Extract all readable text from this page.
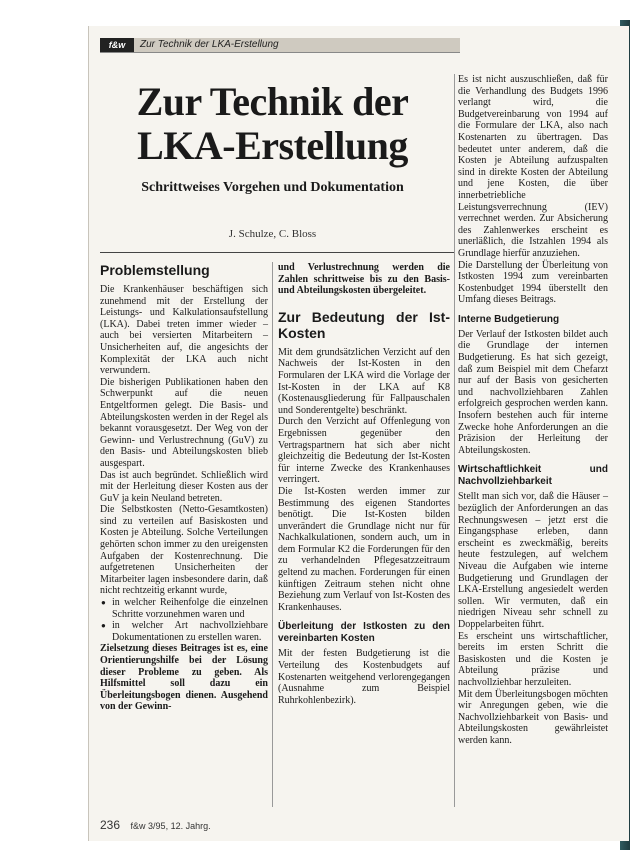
f&w	Zur Technik der LKA-Erstellung
Zur Technik der
LKA-Erstellung
Schrittweises Vorgehen und Dokumentation
J. Schulze, C. Bloss
Problemstellung

Die Krankenhäuser beschäftigen sich zunehmend mit der Erstellung der Leistungs- und Kalkulationsaufstellung (LKA). Dabei treten immer wieder – auch bei versierten Mitarbeitern – Unsicherheiten auf, die angesichts der Komplexität der LKA auch nicht verwundern.

Die bisherigen Publikationen haben den Schwerpunkt auf die neuen Entgeltformen gelegt. Die Basis- und Abteilungskosten werden in der Regel als bekannt vorausgesetzt. Der Weg von der Gewinn- und Verlustrechnung (GuV) zu den Basis- und Abteilungskosten blieb ausgespart.

Das ist auch begründet. Schließlich wird mit der Herleitung dieser Kosten aus der GuV ja kein Neuland betreten.

Die Selbstkosten (Netto-Gesamtkosten) sind zu verteilen auf Basiskosten und Kosten je Abteilung. Solche Verteilungen gehörten schon immer zu den ureigensten Aufgaben der Kostenrechnung. Die aufgetretenen Unsicherheiten der Mitarbeiter lagen insbesondere darin, daß nicht rechtzeitig erkannt wurde,

● in welcher Reihenfolge die einzelnen Schritte vorzunehmen waren und
● in welcher Art nachvollziehbare Dokumentationen zu erstellen waren.

Zielsetzung dieses Beitrages ist es, eine Orientierungshilfe bei der Lösung dieser Probleme zu geben. Als Hilfsmittel soll dazu ein Überleitungsbogen dienen. Ausgehend von der Gewinn-

und Verlustrechnung werden die Zahlen schrittweise bis zu den Basis- und Abteilungskosten übergeleitet.

Zur Bedeutung der Ist-Kosten

Mit dem grundsätzlichen Verzicht auf den Nachweis der Ist-Kosten in den Formularen der LKA wird die Vorlage der Ist-Kosten in der LKA auf K8 (Kostenausgliederung für Fallpauschalen und Sonderentgelte) beschränkt.

Durch den Verzicht auf Offenlegung von Ergebnissen gegenüber den Vertragspartnern hat sich aber nicht gleichzeitig die Bedeutung der Ist-Kosten für interne Zwecke des Krankenhauses verringert.

Die Ist-Kosten werden immer zur Bestimmung des eigenen Standortes benötigt. Die Ist-Kosten bilden unverändert die Grundlage nicht nur für Nachkalkulationen, sondern auch, um in dem Formular K2 die Forderungen für den zu verhandelnden Pflegesatzzeitraum geltend zu machen. Forderungen für einen künftigen Zeitraum stehen nicht ohne Beziehung zum Verlauf von Ist-Kosten des Krankenhauses.

Überleitung der Istkosten zu den vereinbarten Kosten

Mit der festen Budgetierung ist die Verteilung des Kostenbudgets auf Kostenarten weitgehend verlorengegangen (Ausnahme zum Beispiel Ruhrkohlenbezirk).

Es ist nicht auszuschließen, daß für die Verhandlung des Budgets 1996 verlangt wird, die Budgetvereinbarung von 1994 auf die Formulare der LKA, also nach Kostenarten zu übertragen. Das bedeutet unter anderem, daß die Kosten je Abteilung aufzuspalten sind in direkte Kosten der Abteilung und jene Kosten, die über innerbetriebliche Leistungsverrechnung (IEV) verrechnet werden. Zur Absicherung des Zahlenwerkes erscheint es unerläßlich, die Istzahlen 1994 als Grundlage hierfür anzuziehen.

Die Darstellung der Überleitung von Istkosten 1994 zum vereinbarten Kostenbudget 1994 überstellt den Umfang dieses Beitrags.

Interne Budgetierung

Der Verlauf der Istkosten bildet auch die Grundlage der internen Budgetierung. Es hat sich gezeigt, daß zum Beispiel mit dem Chefarzt nur auf der Basis von gesicherten und nachvollziehbaren Zahlen erfolgreich gesprochen werden kann. Insofern bestehen auch für interne Zwecke hohe Anforderungen an die Präzision der Herleitung der Abteilungskosten.

Wirtschaftlichkeit und Nachvollziehbarkeit

Stellt man sich vor, daß die Häuser – bezüglich der Anforderungen an das Rechnungswesen – jetzt erst die Eingangsphase erleben, dann erscheint es zweckmäßig, bereits heute festzulegen, auf welchem Niveau die Aufgaben wie interne Budgetierung und Grundlagen der LKA-Erstellung angesiedelt werden sollen. Wir vermuten, daß ein niedrigen Niveau sehr schnell zu Doppelarbeiten führt.

Es erscheint uns wirtschaftlicher, bereits im ersten Schritt die Basiskosten und die Kosten je Abteilung präzise und nachvollziehbar herzuleiten.

Mit dem Überleitungsbogen möchten wir Anregungen geben, wie die Nachvollziehbarkeit von Basis- und Abteilungskosten gewährleistet werden kann.

236 f&w 3/95, 12. Jahrg.
